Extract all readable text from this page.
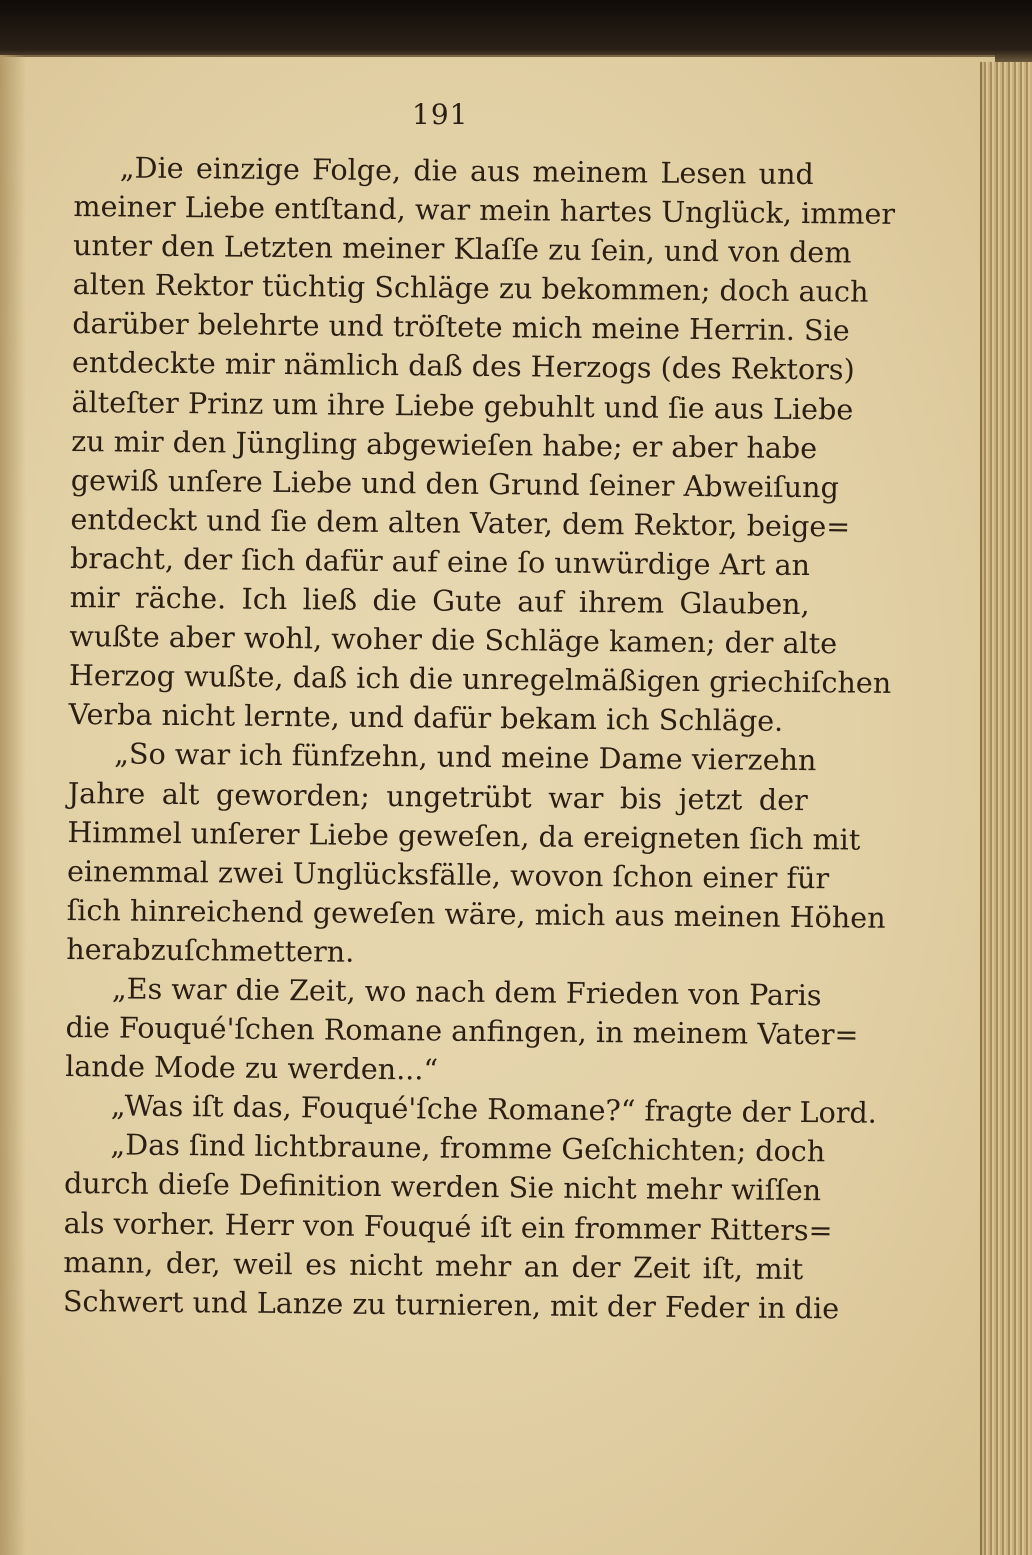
191
„Die einzige Folge, die aus meinem Lesen und
meiner Liebe entſtand, war mein hartes Unglück, immer
unter den Letzten meiner Klaſſe zu ſein, und von dem
alten Rektor tüchtig Schläge zu bekommen; doch auch
darüber belehrte und tröſtete mich meine Herrin. Sie
entdeckte mir nämlich daß des Herzogs (des Rektors)
älteſter Prinz um ihre Liebe gebuhlt und ſie aus Liebe
zu mir den Jüngling abgewieſen habe; er aber habe
gewiß unſere Liebe und den Grund ſeiner Abweiſung
entdeckt und ſie dem alten Vater, dem Rektor, beige=
bracht, der ſich dafür auf eine ſo unwürdige Art an
mir räche. Ich ließ die Gute auf ihrem Glauben,
wußte aber wohl, woher die Schläge kamen; der alte
Herzog wußte, daß ich die unregelmäßigen griechiſchen
Verba nicht lernte, und dafür bekam ich Schläge.
„So war ich fünfzehn, und meine Dame vierzehn
Jahre alt geworden; ungetrübt war bis jetzt der
Himmel unſerer Liebe geweſen, da ereigneten ſich mit
einemmal zwei Unglücksfälle, wovon ſchon einer für
ſich hinreichend geweſen wäre, mich aus meinen Höhen
herabzuſchmettern.
„Es war die Zeit, wo nach dem Frieden von Paris
die Fouqué'ſchen Romane anfingen, in meinem Vater=
lande Mode zu werden...“
„Was iſt das, Fouqué'ſche Romane?“ fragte der Lord.
„Das ſind lichtbraune, fromme Geſchichten; doch
durch dieſe Definition werden Sie nicht mehr wiſſen
als vorher. Herr von Fouqué iſt ein frommer Ritters=
mann, der, weil es nicht mehr an der Zeit iſt, mit
Schwert und Lanze zu turnieren, mit der Feder in die
